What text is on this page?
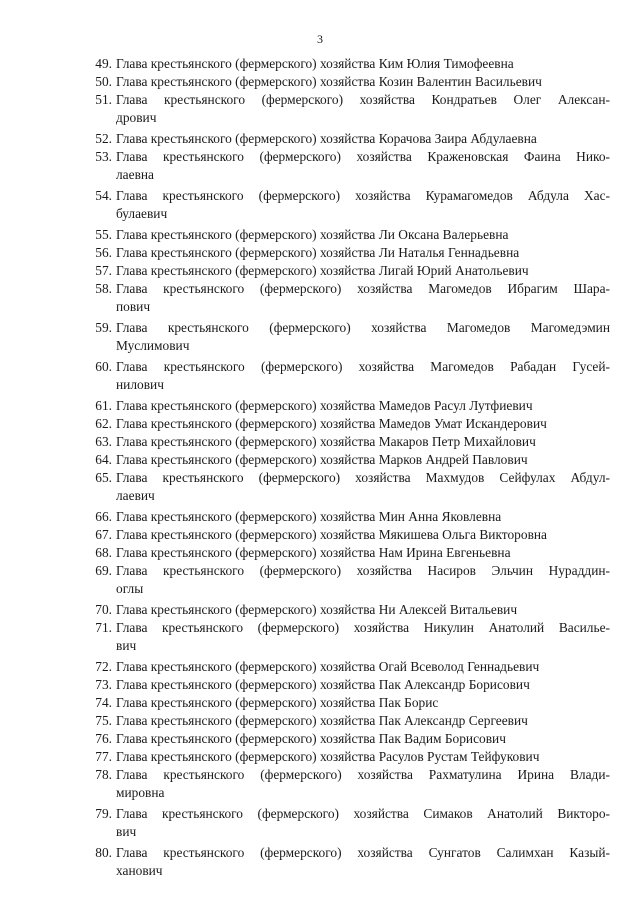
3
49. Глава крестьянского (фермерского) хозяйства Ким Юлия Тимофеевна
50. Глава крестьянского (фермерского) хозяйства Козин Валентин Васильевич
51. Глава крестьянского (фермерского) хозяйства Кондратьев Олег Алексан-
дрович
52. Глава крестьянского (фермерского) хозяйства Корачова Заира Абдулаевна
53. Глава крестьянского (фермерского) хозяйства Краженовская Фаина Нико-
лаевна
54. Глава крестьянского (фермерского) хозяйства Курамагомедов Абдула Хас-
булаевич
55. Глава крестьянского (фермерского) хозяйства Ли Оксана Валерьевна
56. Глава крестьянского (фермерского) хозяйства Ли Наталья Геннадьевна
57. Глава крестьянского (фермерского) хозяйства Лигай Юрий Анатольевич
58. Глава крестьянского (фермерского) хозяйства Магомедов Ибрагим Шара-
пович
59. Глава крестьянского (фермерского) хозяйства Магомедов Магомедэмин
Муслимович
60. Глава крестьянского (фермерского) хозяйства Магомедов Рабадан Гусей-
нилович
61. Глава крестьянского (фермерского) хозяйства Мамедов Расул Лутфиевич
62. Глава крестьянского (фермерского) хозяйства Мамедов Умат Искандерович
63. Глава крестьянского (фермерского) хозяйства Макаров Петр Михайлович
64. Глава крестьянского (фермерского) хозяйства Марков Андрей Павлович
65. Глава крестьянского (фермерского) хозяйства Махмудов Сейфулах Абдул-
лаевич
66. Глава крестьянского (фермерского) хозяйства Мин Анна Яковлевна
67. Глава крестьянского (фермерского) хозяйства Мякишева Ольга Викторовна
68. Глава крестьянского (фермерского) хозяйства Нам Ирина Евгеньевна
69. Глава крестьянского (фермерского) хозяйства Насиров Эльчин Нураддин-
оглы
70. Глава крестьянского (фермерского) хозяйства Ни Алексей Витальевич
71. Глава крестьянского (фермерского) хозяйства Никулин Анатолий Василье-
вич
72. Глава крестьянского (фермерского) хозяйства Огай Всеволод Геннадьевич
73. Глава крестьянского (фермерского) хозяйства Пак Александр Борисович
74. Глава крестьянского (фермерского) хозяйства Пак Борис
75. Глава крестьянского (фермерского) хозяйства Пак Александр Сергеевич
76. Глава крестьянского (фермерского) хозяйства Пак Вадим Борисович
77. Глава крестьянского (фермерского) хозяйства Расулов Рустам Тейфукович
78. Глава крестьянского (фермерского) хозяйства Рахматулина Ирина Влади-
мировна
79. Глава крестьянского (фермерского) хозяйства Симаков Анатолий Викторо-
вич
80. Глава крестьянского (фермерского) хозяйства Сунгатов Салимхан Казый-
ханович
